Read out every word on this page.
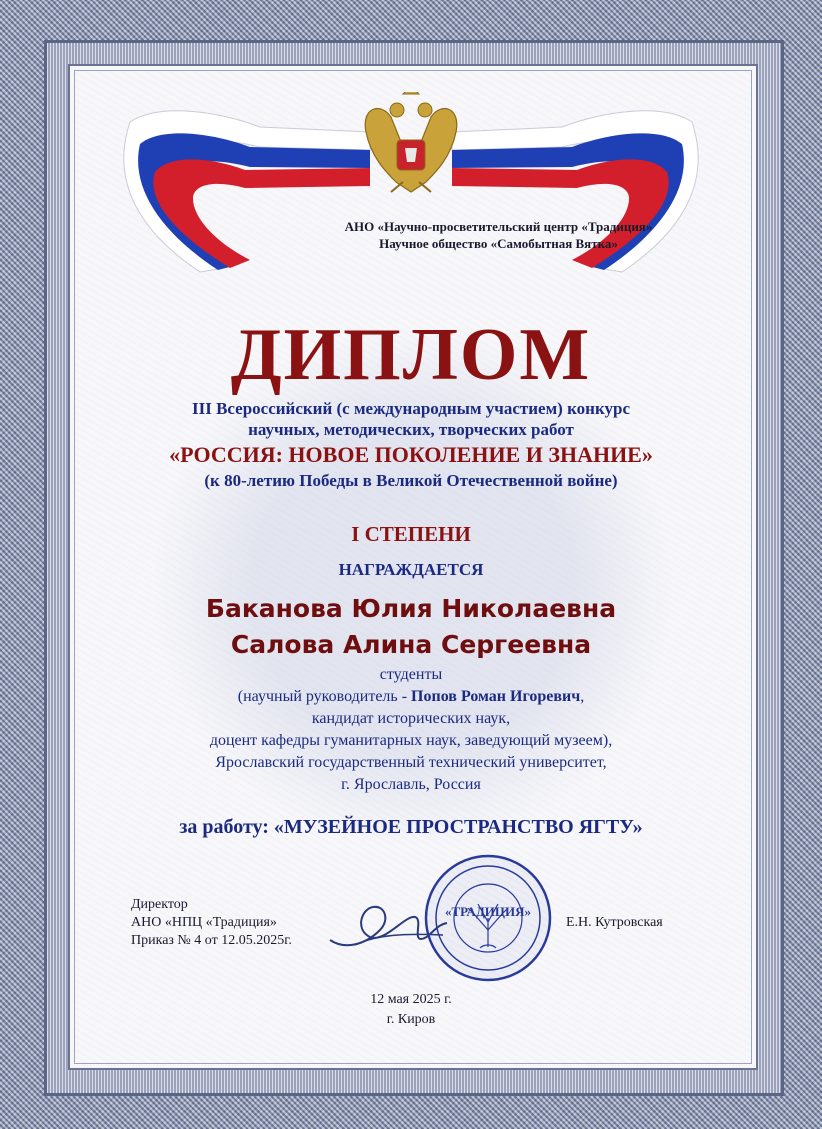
АНО «Научно-просветительский центр «Традиция»
Научное общество «Самобытная Вятка»
ДИПЛОМ
III Всероссийский (с международным участием) конкурс
научных, методических, творческих работ
«РОССИЯ: НОВОЕ ПОКОЛЕНИЕ И ЗНАНИЕ»
(к 80-летию Победы в Великой Отечественной войне)
I СТЕПЕНИ
НАГРАЖДАЕТСЯ
Баканова Юлия Николаевна
Салова Алина Сергеевна
студенты
(научный руководитель - Попов Роман Игоревич,
кандидат исторических наук,
доцент кафедры гуманитарных наук, заведующий музеем),
Ярославский государственный технический университет,
г. Ярославль, Россия
за работу: «МУЗЕЙНОЕ ПРОСТРАНСТВО ЯГТУ»
Директор
АНО «НПЦ «Традиция»
Приказ № 4 от 12.05.2025г.
«ТРАДИЦИЯ»
Е.Н. Кутровская
12 мая 2025 г.
г. Киров
